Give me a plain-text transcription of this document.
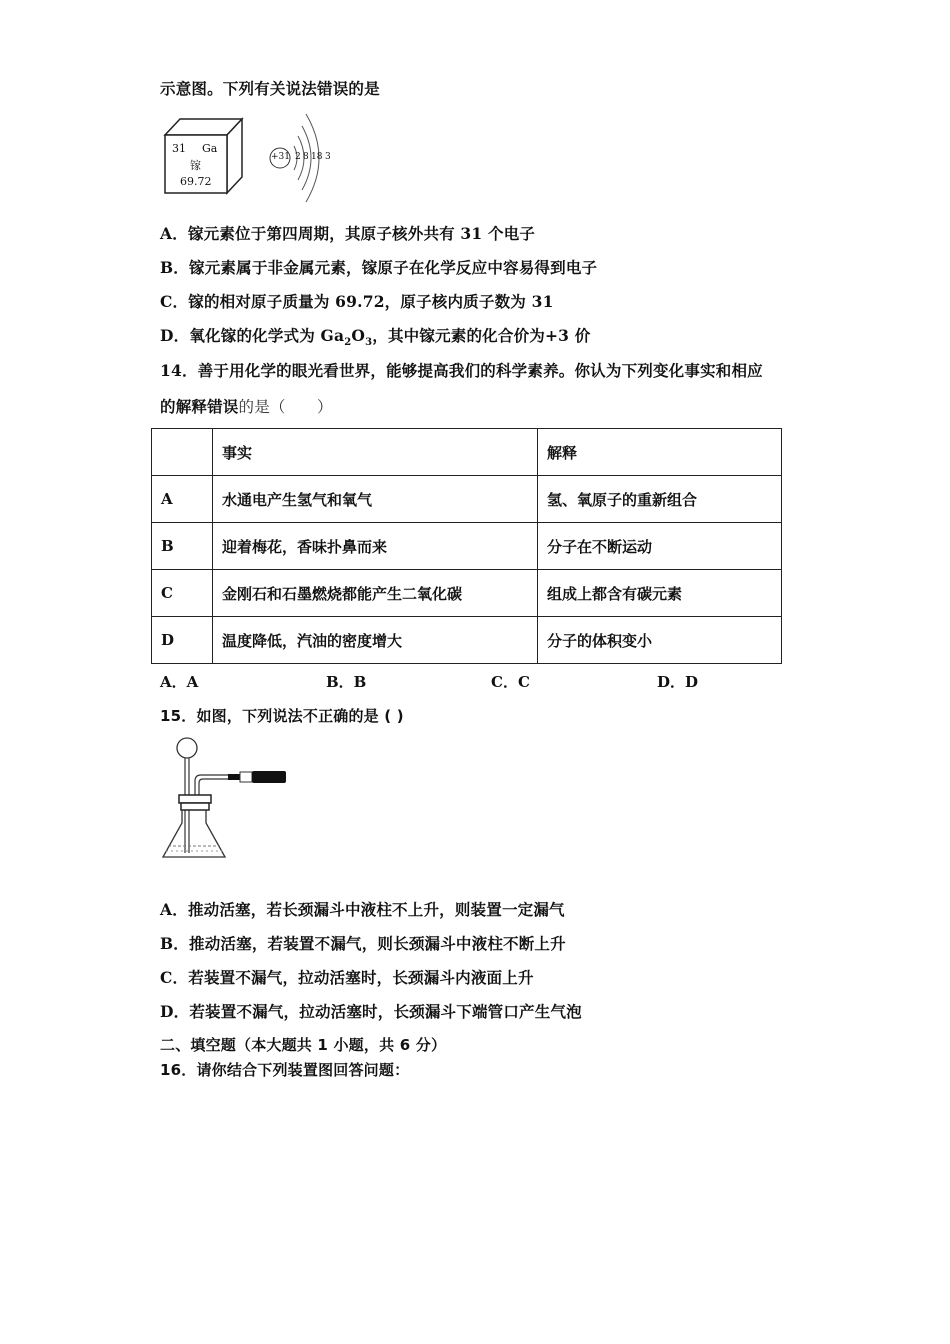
示意图。下列有关说法错误的是
31 Ga
镓
69.72
+31 2 8 18 3
A．镓元素位于第四周期，其原子核外共有 31 个电子
B．镓元素属于非金属元素，镓原子在化学反应中容易得到电子
C．镓的相对原子质量为 69.72，原子核内质子数为 31
D．氧化镓的化学式为 $Ga_2O_3$，其中镓元素的化合价为+3 价
14．善于用化学的眼光看世界，能够提高我们的科学素养。你认为下列变化事实和相应
的解释错误的是（　　）
	事实	解释
A	水通电产生氢气和氧气	氢、氧原子的重新组合
B	迎着梅花，香味扑鼻而来	分子在不断运动
C	金刚石和石墨燃烧都能产生二氧化碳	组成上都含有碳元素
D	温度降低，汽油的密度增大	分子的体积变小
A．A	B．B	C．C	D．D
15．如图，下列说法不正确的是 ( )
A．推动活塞，若长颈漏斗中液柱不上升，则装置一定漏气
B．推动活塞，若装置不漏气，则长颈漏斗中液柱不断上升
C．若装置不漏气，拉动活塞时，长颈漏斗内液面上升
D．若装置不漏气，拉动活塞时，长颈漏斗下端管口产生气泡
二、填空题（本大题共 1 小题，共 6 分）
16．请你结合下列装置图回答问题：
